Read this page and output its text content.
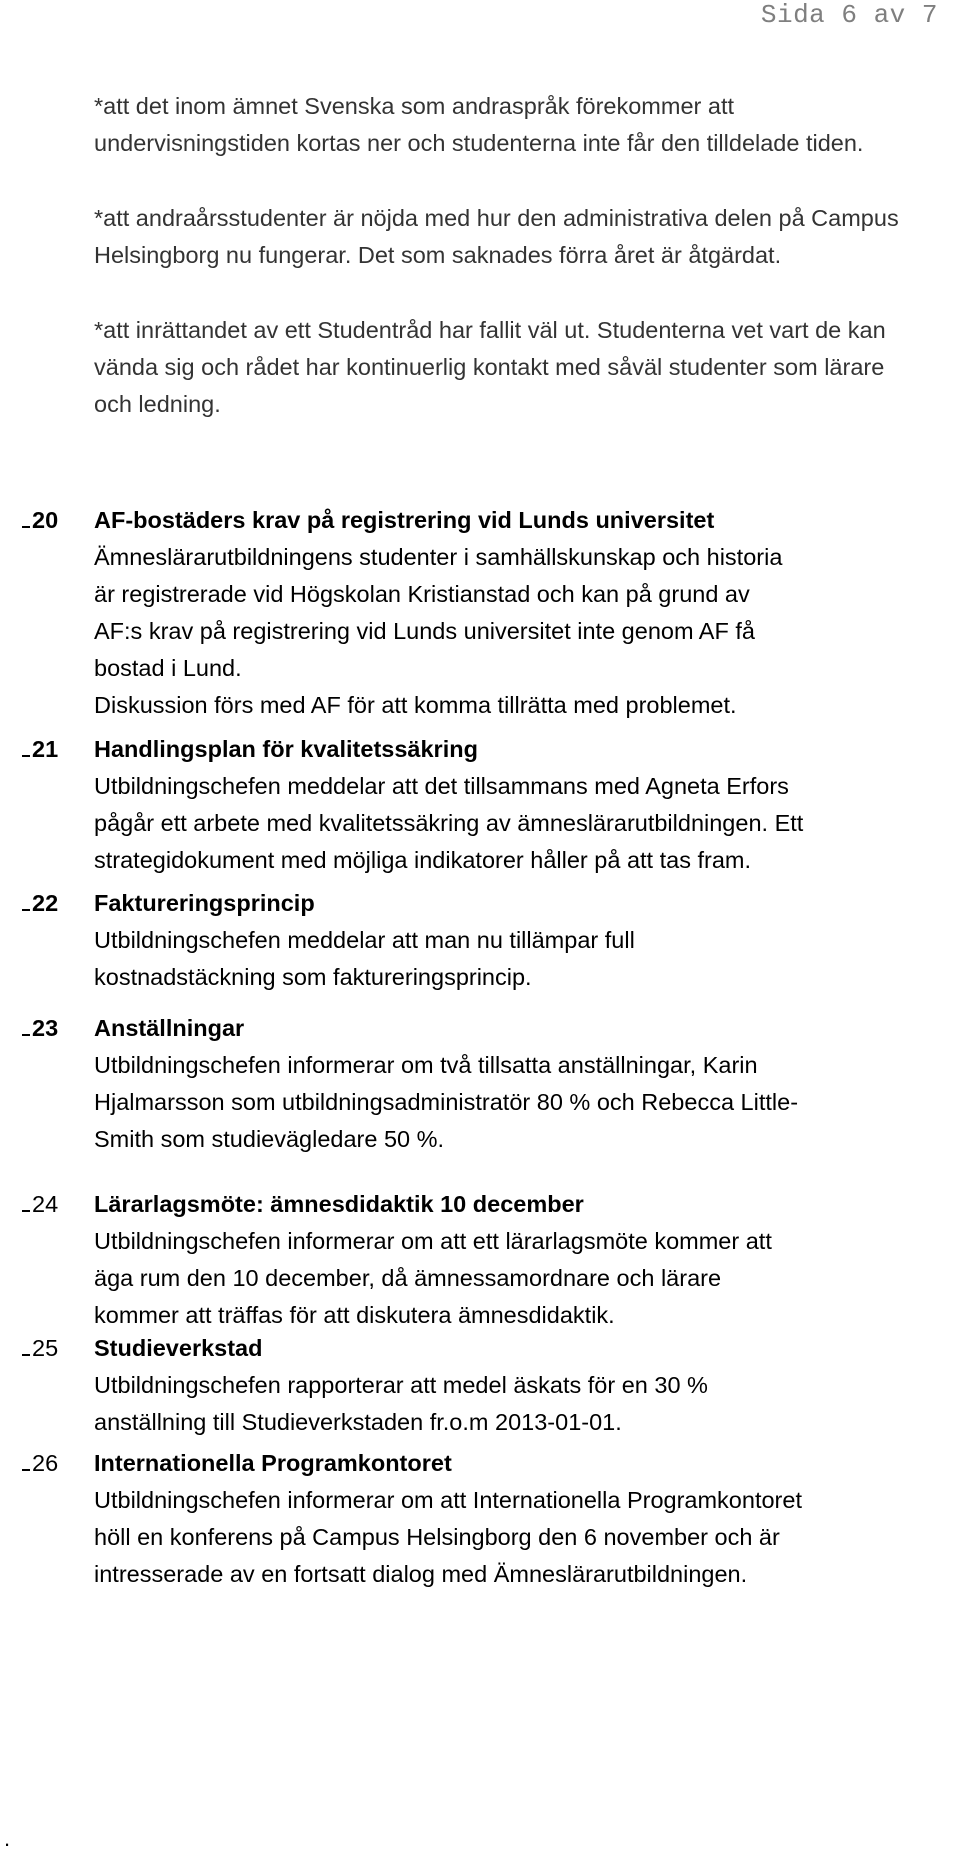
Sida 6 av 7

*att det inom ämnet Svenska som andraspråk förekommer att undervisningstiden kortas ner och studenterna inte får den tilldelade tiden.

*att andraårsstudenter är nöjda med hur den administrativa delen på Campus Helsingborg nu fungerar. Det som saknades förra året är åtgärdat.

*att inrättandet av ett Studentråd har fallit väl ut. Studenterna vet vart de kan vända sig och rådet har kontinuerlig kontakt med såväl studenter som lärare och ledning.

20 AF-bostäders krav på registrering vid Lunds universitet
Ämneslärarutbildningens studenter i samhällskunskap och historia
är registrerade vid Högskolan Kristianstad och kan på grund av
AF:s krav på registrering vid Lunds universitet inte genom AF få
bostad i Lund.
Diskussion förs med AF för att komma tillrätta med problemet.
21 Handlingsplan för kvalitetssäkring
Utbildningschefen meddelar att det tillsammans med Agneta Erfors
pågår ett arbete med kvalitetssäkring av ämneslärarutbildningen. Ett
strategidokument med möjliga indikatorer håller på att tas fram.
22 Faktureringsprincip
Utbildningschefen meddelar att man nu tillämpar full
kostnadstäckning som faktureringsprincip.
23 Anställningar
Utbildningschefen informerar om två tillsatta anställningar, Karin
Hjalmarsson som utbildningsadministratör 80 % och Rebecca Little-
Smith som studievägledare 50 %.
24 Lärarlagsmöte: ämnesdidaktik 10 december
Utbildningschefen informerar om att ett lärarlagsmöte kommer att
äga rum den 10 december, då ämnessamordnare och lärare
kommer att träffas för att diskutera ämnesdidaktik.
25 Studieverkstad
Utbildningschefen rapporterar att medel äskats för en 30 %
anställning till Studieverkstaden fr.o.m 2013-01-01.
26 Internationella Programkontoret
Utbildningschefen informerar om att Internationella Programkontoret
höll en konferens på Campus Helsingborg den 6 november och är
intresserade av en fortsatt dialog med Ämneslärarutbildningen.
.
